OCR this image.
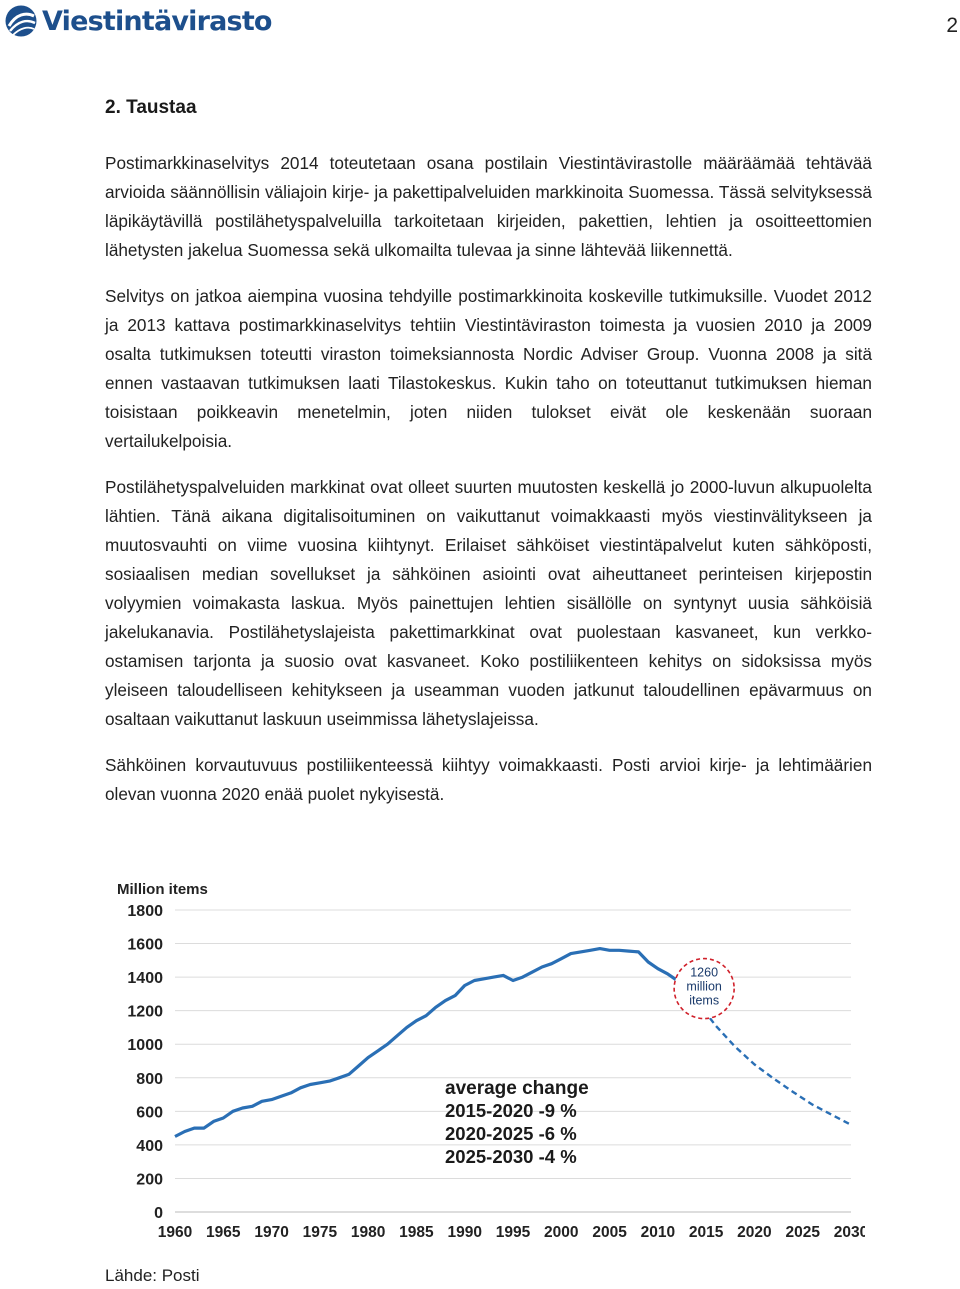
Viestintävirasto	2
2. Taustaa

Postimarkkinaselvitys 2014 toteutetaan osana postilain Viestintävirastolle määräämää tehtävää arvioida säännöllisin väliajoin kirje- ja pakettipalveluiden markkinoita Suomessa. Tässä selvityksessä läpikäytävillä postilähetyspalveluilla tarkoitetaan kirjeiden, pakettien, lehtien ja osoitteettomien lähetysten jakelua Suomessa sekä ulkomailta tulevaa ja sinne lähtevää liikennettä.

Selvitys on jatkoa aiempina vuosina tehdyille postimarkkinoita koskeville tutkimuksille. Vuodet 2012 ja 2013 kattava postimarkkinaselvitys tehtiin Viestintäviraston toimesta ja vuosien 2010 ja 2009 osalta tutkimuksen toteutti viraston toimeksiannosta Nordic Adviser Group. Vuonna 2008 ja sitä ennen vastaavan tutkimuksen laati Tilastokeskus. Kukin taho on toteuttanut tutkimuksen hieman toisistaan poikkeavin menetelmin, joten niiden tulokset eivät ole keskenään suoraan vertailukelpoisia.

Postilähetyspalveluiden markkinat ovat olleet suurten muutosten keskellä jo 2000-luvun alkupuolelta lähtien. Tänä aikana digitalisoituminen on vaikuttanut voimakkaasti myös viestinvälitykseen ja muutosvauhti on viime vuosina kiihtynyt. Erilaiset sähköiset viestintäpalvelut kuten sähköposti, sosiaalisen median sovellukset ja sähköinen asiointi ovat aiheuttaneet perinteisen kirjepostin volyymien voimakasta laskua. Myös painettujen lehtien sisällölle on syntynyt uusia sähköisiä jakelukanavia. Postilähetyslajeista pakettimarkkinat ovat puolestaan kasvaneet, kun verkko-ostamisen tarjonta ja suosio ovat kasvaneet. Koko postiliikenteen kehitys on sidoksissa myös yleiseen taloudelliseen kehitykseen ja useamman vuoden jatkunut taloudellinen epävarmuus on osaltaan vaikuttanut laskuun useimmissa lähetyslajeissa.

Sähköinen korvautuvuus postiliikenteessä kiihtyy voimakkaasti. Posti arvioi kirje- ja lehtimäärien olevan vuonna 2020 enää puolet nykyisestä.

0
200
400
600
800
1000
1200
1400
1600
1800
1960 1965 1970 1975 1980 1985 1990 1995 2000 2005 2010 2015 2020 2025 2030
Million items
1260
million
items
average change
2015-2020 -9 %
2020-2025 -6 %
2025-2030 -4 %
Lähde: Posti
